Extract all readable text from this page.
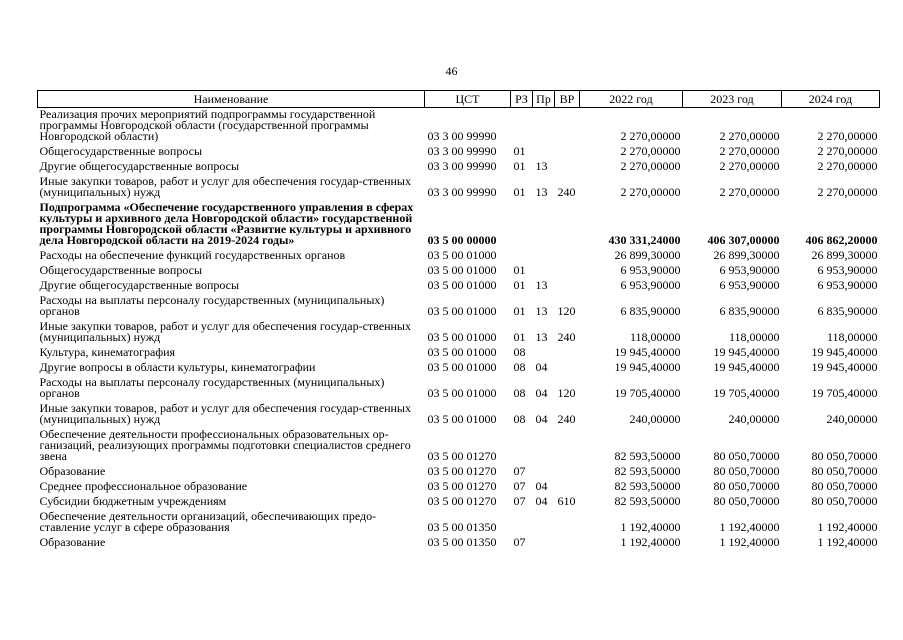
46
Наименование	ЦСТ	РЗ	Пр	ВР	2022 год	2023 год	2024 год
Реализация прочих мероприятий подпрограммы государственной программы Новгородской области (государственной программы Новгородской области)	03 3 00 99990				2 270,00000	2 270,00000	2 270,00000
Общегосударственные вопросы	03 3 00 99990	01			2 270,00000	2 270,00000	2 270,00000
Другие общегосударственные вопросы	03 3 00 99990	01	13		2 270,00000	2 270,00000	2 270,00000
Иные закупки товаров, работ и услуг для обеспечения государ-ственных (муниципальных) нужд	03 3 00 99990	01	13	240	2 270,00000	2 270,00000	2 270,00000
Подпрограмма «Обеспечение государственного управления в сферах культуры и архивного дела Новгородской области» государственной программы Новгородской области «Развитие культуры и архивного дела Новгородской области на 2019-2024 годы»	03 5 00 00000				430 331,24000	406 307,00000	406 862,20000
Расходы на обеспечение функций государственных органов	03 5 00 01000				26 899,30000	26 899,30000	26 899,30000
Общегосударственные вопросы	03 5 00 01000	01			6 953,90000	6 953,90000	6 953,90000
Другие общегосударственные вопросы	03 5 00 01000	01	13		6 953,90000	6 953,90000	6 953,90000
Расходы на выплаты персоналу государственных (муниципальных) органов	03 5 00 01000	01	13	120	6 835,90000	6 835,90000	6 835,90000
Иные закупки товаров, работ и услуг для обеспечения государ-ственных (муниципальных) нужд	03 5 00 01000	01	13	240	118,00000	118,00000	118,00000
Культура, кинематография	03 5 00 01000	08			19 945,40000	19 945,40000	19 945,40000
Другие вопросы в области культуры, кинематографии	03 5 00 01000	08	04		19 945,40000	19 945,40000	19 945,40000
Расходы на выплаты персоналу государственных (муниципальных) органов	03 5 00 01000	08	04	120	19 705,40000	19 705,40000	19 705,40000
Иные закупки товаров, работ и услуг для обеспечения государ-ственных (муниципальных) нужд	03 5 00 01000	08	04	240	240,00000	240,00000	240,00000
Обеспечение деятельности профессиональных образовательных ор-ганизаций, реализующих программы подготовки специалистов среднего звена	03 5 00 01270				82 593,50000	80 050,70000	80 050,70000
Образование	03 5 00 01270	07			82 593,50000	80 050,70000	80 050,70000
Среднее профессиональное образование	03 5 00 01270	07	04		82 593,50000	80 050,70000	80 050,70000
Субсидии бюджетным учреждениям	03 5 00 01270	07	04	610	82 593,50000	80 050,70000	80 050,70000
Обеспечение деятельности организаций, обеспечивающих предо-ставление услуг в сфере образования	03 5 00 01350				1 192,40000	1 192,40000	1 192,40000
Образование	03 5 00 01350	07			1 192,40000	1 192,40000	1 192,40000
